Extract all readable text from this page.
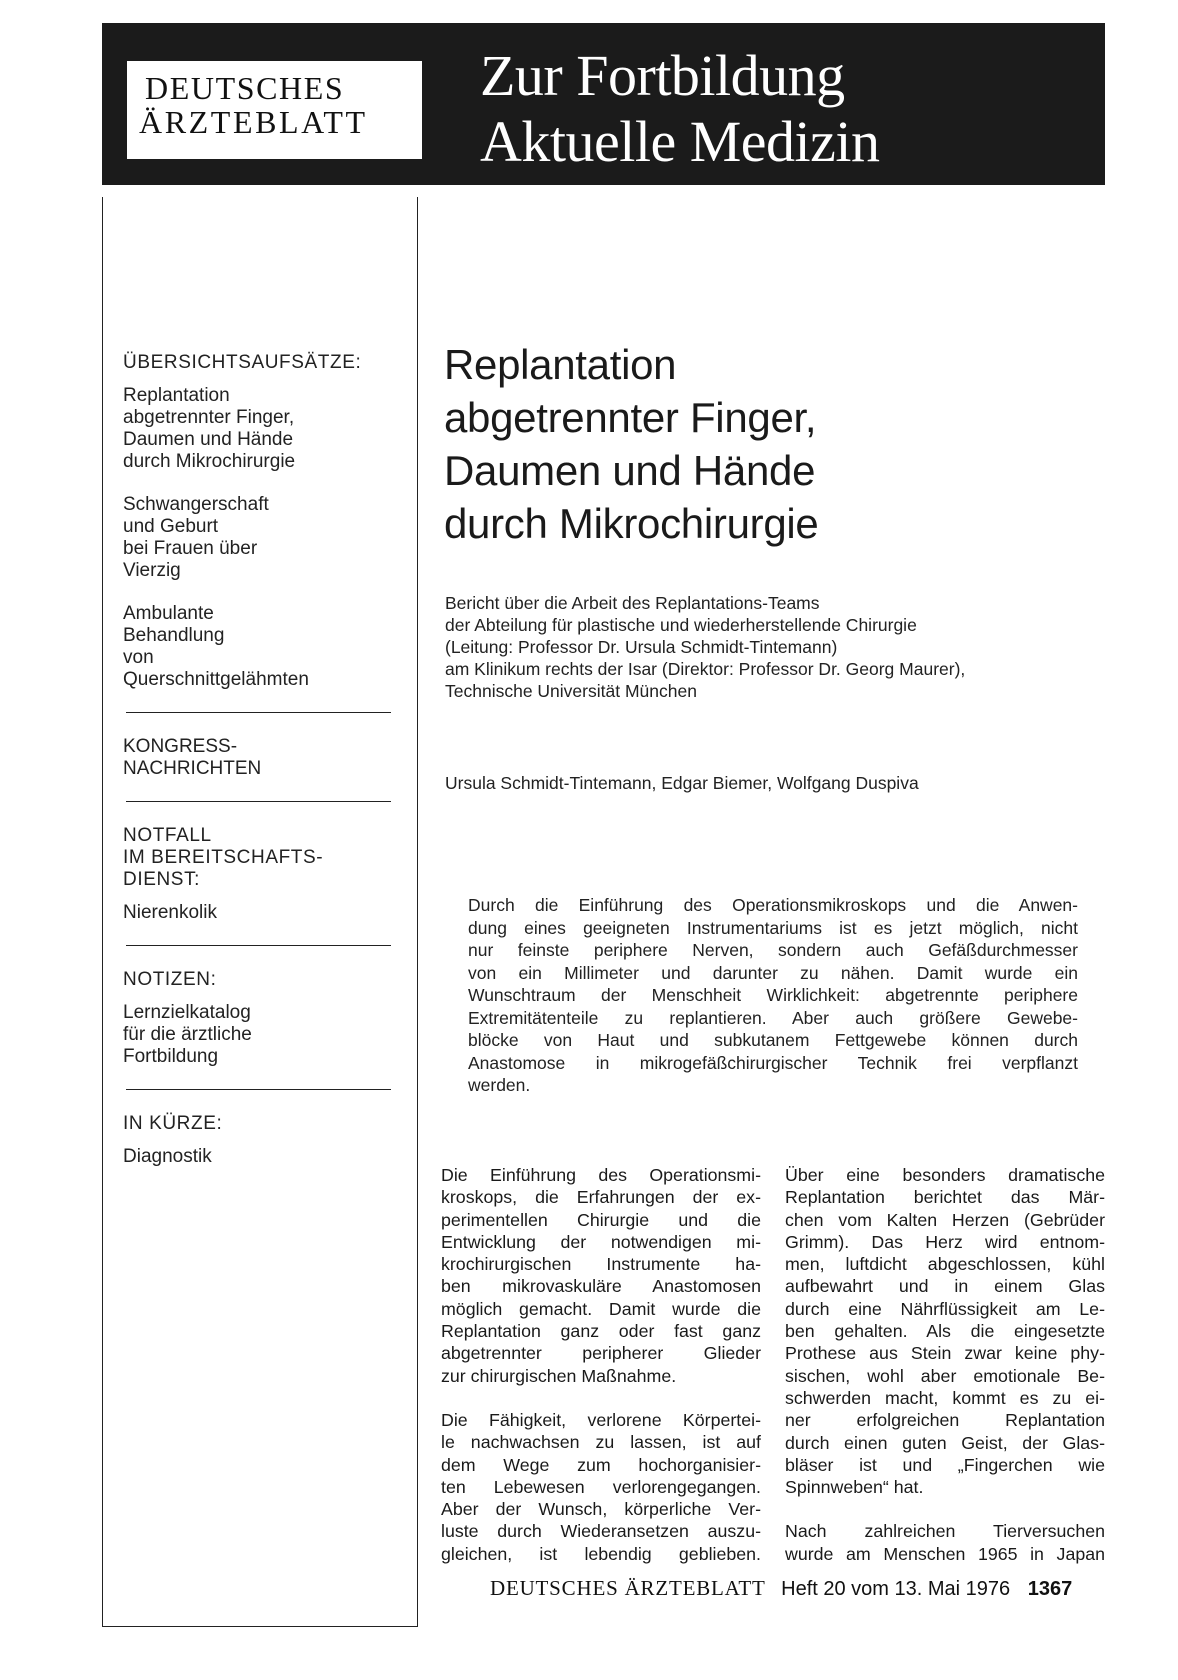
DEUTSCHES
ÄRZTEBLATT
Zur Fortbildung
Aktuelle Medizin
ÜBERSICHTSAUFSÄTZE:
Replantation
abgetrennter Finger,
Daumen und Hände
durch Mikrochirurgie
Schwangerschaft
und Geburt
bei Frauen über
Vierzig
Ambulante
Behandlung
von
Querschnittgelähmten
KONGRESS-
NACHRICHTEN
NOTFALL
IM BEREITSCHAFTS-
DIENST:
Nierenkolik
NOTIZEN:
Lernzielkatalog
für die ärztliche
Fortbildung
IN KÜRZE:
Diagnostik
Replantation
abgetrennter Finger,
Daumen und Hände
durch Mikrochirurgie
Bericht über die Arbeit des Replantations-Teams
der Abteilung für plastische und wiederherstellende Chirurgie
(Leitung: Professor Dr. Ursula Schmidt-Tintemann)
am Klinikum rechts der Isar (Direktor: Professor Dr. Georg Maurer),
Technische Universität München
Ursula Schmidt-Tintemann, Edgar Biemer, Wolfgang Duspiva
Durch die Einführung des Operationsmikroskops und die Anwen-
dung eines geeigneten Instrumentariums ist es jetzt möglich, nicht
nur feinste periphere Nerven, sondern auch Gefäßdurchmesser
von ein Millimeter und darunter zu nähen. Damit wurde ein
Wunschtraum der Menschheit Wirklichkeit: abgetrennte periphere
Extremitätenteile zu replantieren. Aber auch größere Gewebe-
blöcke von Haut und subkutanem Fettgewebe können durch
Anastomose in mikrogefäßchirurgischer Technik frei verpflanzt
werden.

Die Einführung des Operationsmi-
kroskops, die Erfahrungen der ex-
perimentellen Chirurgie und die
Entwicklung der notwendigen mi-
krochirurgischen Instrumente ha-
ben mikrovaskuläre Anastomosen
möglich gemacht. Damit wurde die
Replantation ganz oder fast ganz
abgetrennter peripherer Glieder
zur chirurgischen Maßnahme.

Die Fähigkeit, verlorene Körpertei-
le nachwachsen zu lassen, ist auf
dem Wege zum hochorganisier-
ten Lebewesen verlorengegangen.
Aber der Wunsch, körperliche Ver-
luste durch Wiederansetzen auszu-
gleichen, ist lebendig geblieben.

Über eine besonders dramatische
Replantation berichtet das Mär-
chen vom Kalten Herzen (Gebrüder
Grimm). Das Herz wird entnom-
men, luftdicht abgeschlossen, kühl
aufbewahrt und in einem Glas
durch eine Nährflüssigkeit am Le-
ben gehalten. Als die eingesetzte
Prothese aus Stein zwar keine phy-
sischen, wohl aber emotionale Be-
schwerden macht, kommt es zu ei-
ner erfolgreichen Replantation
durch einen guten Geist, der Glas-
bläser ist und „Fingerchen wie
Spinnweben“ hat.

Nach zahlreichen Tierversuchen
wurde am Menschen 1965 in Japan

DEUTSCHES ÄRZTEBLATT Heft 20 vom 13. Mai 1976 1367
